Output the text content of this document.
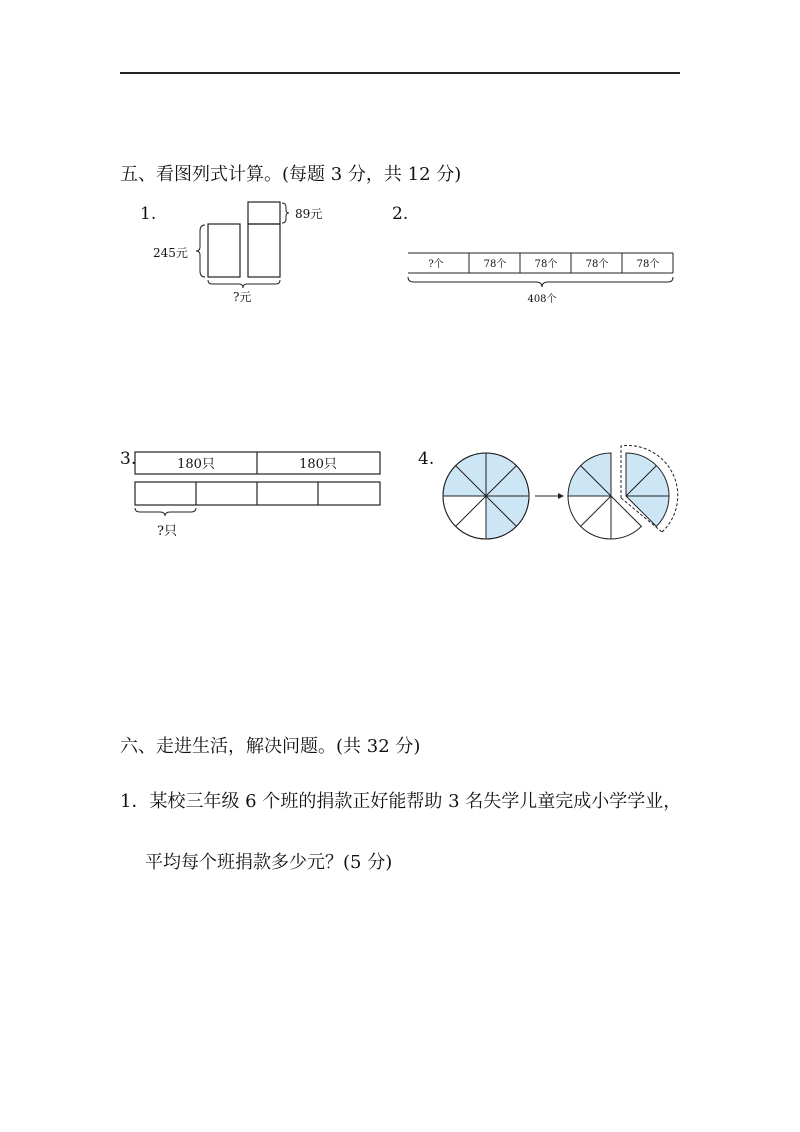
五、看图列式计算。(每题 3 分，共 12 分)
1.
245元
89元
?元
2.
?个	78个	78个	78个	78个
408个
3.	180只	180只
?只
4.
六、走进生活，解决问题。(共 32 分)
1．某校三年级 6 个班的捐款正好能帮助 3 名失学儿童完成小学学业，
平均每个班捐款多少元？(5 分)
